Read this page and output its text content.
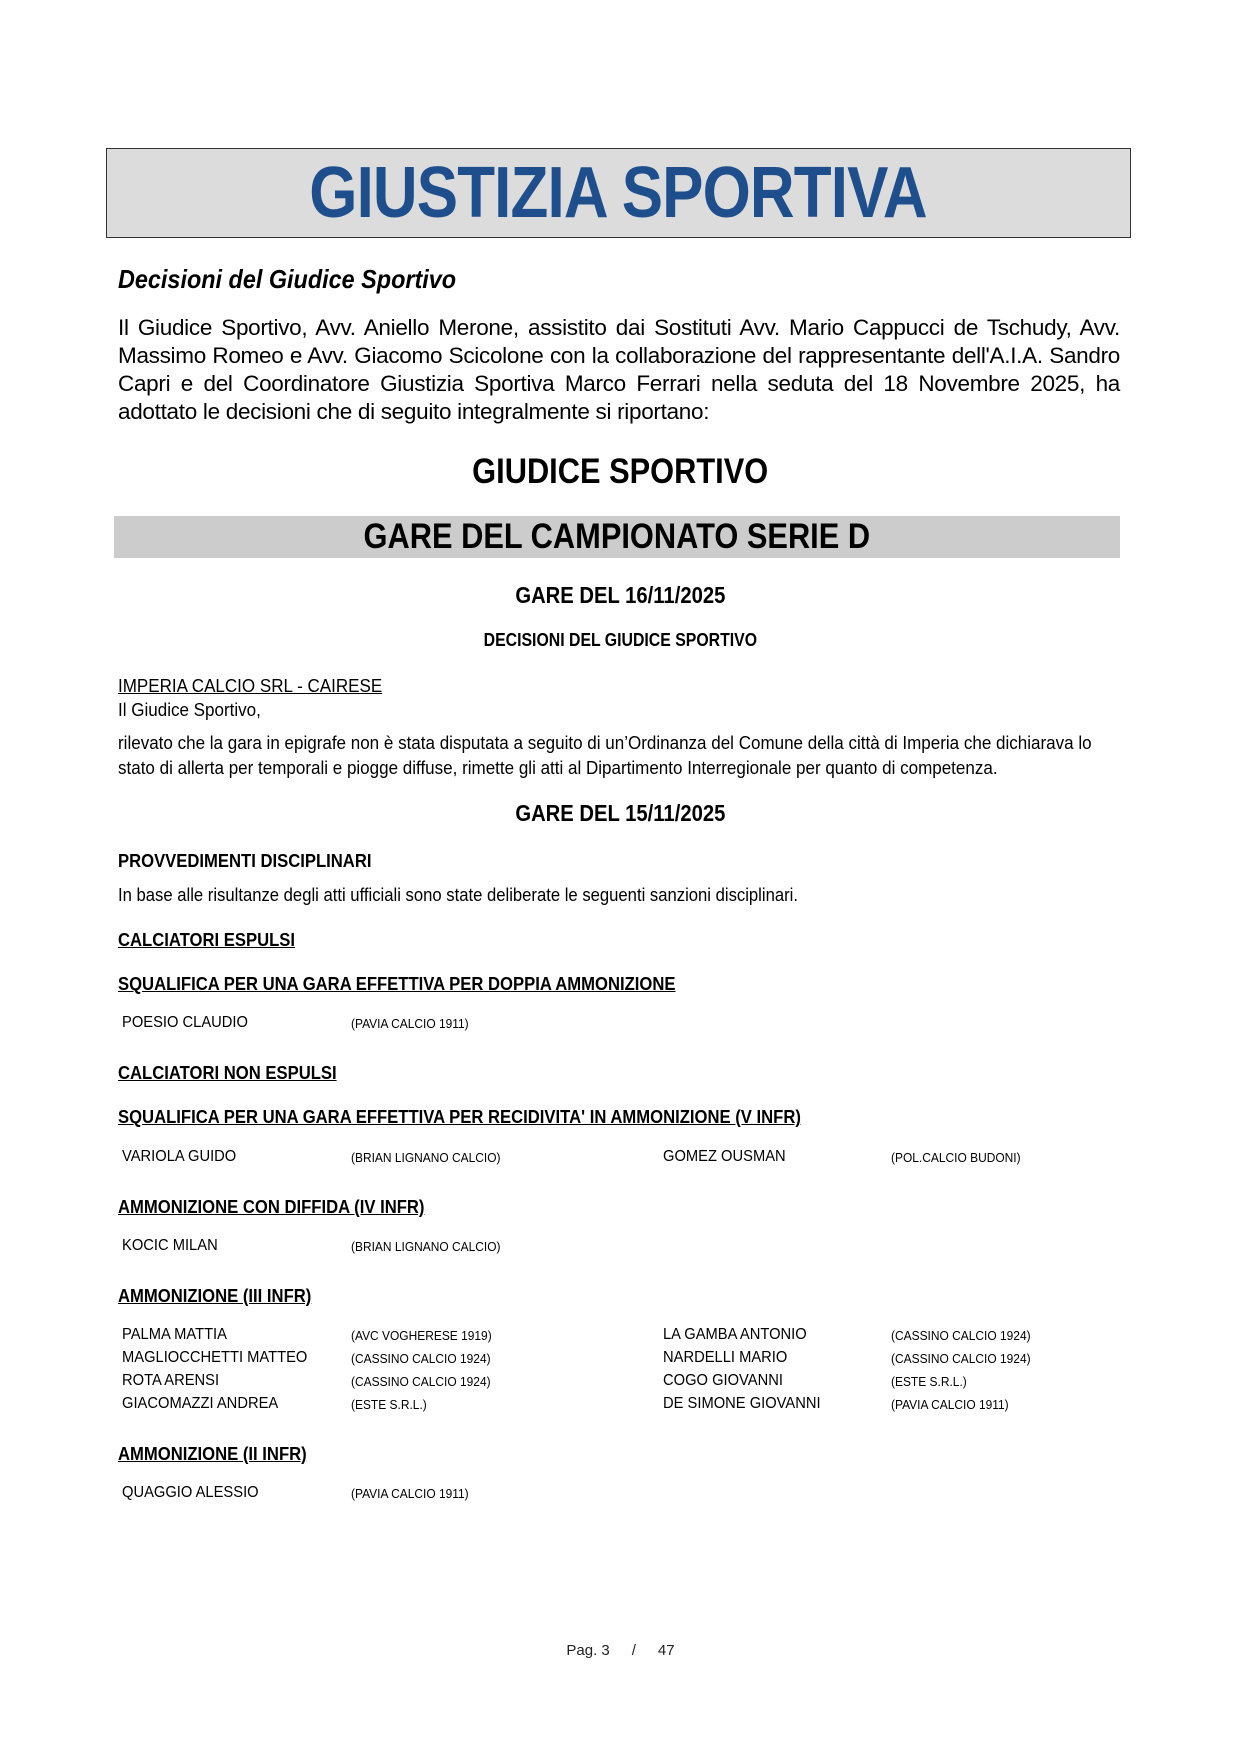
GIUSTIZIA SPORTIVA
Decisioni del Giudice Sportivo
Il Giudice Sportivo, Avv. Aniello Merone, assistito dai Sostituti Avv. Mario Cappucci de Tschudy, Avv. Massimo Romeo e Avv. Giacomo Scicolone con la collaborazione del rappresentante dell'A.I.A. Sandro Capri e del Coordinatore Giustizia Sportiva Marco Ferrari nella seduta del 18 Novembre 2025, ha adottato le decisioni che di seguito integralmente si riportano:
GIUDICE SPORTIVO
GARE DEL CAMPIONATO SERIE D
GARE DEL 16/11/2025
DECISIONI DEL GIUDICE SPORTIVO
IMPERIA CALCIO SRL - CAIRESE
Il Giudice Sportivo,
rilevato che la gara in epigrafe non è stata disputata a seguito di un’Ordinanza del Comune della città di Imperia che dichiarava lo stato di allerta per temporali e piogge diffuse, rimette gli atti al Dipartimento Interregionale per quanto di competenza.
GARE DEL 15/11/2025
PROVVEDIMENTI DISCIPLINARI
In base alle risultanze degli atti ufficiali sono state deliberate le seguenti sanzioni disciplinari.
CALCIATORI ESPULSI
SQUALIFICA PER UNA GARA EFFETTIVA PER DOPPIA AMMONIZIONE
POESIO CLAUDIO	(PAVIA CALCIO 1911)
CALCIATORI NON ESPULSI
SQUALIFICA PER UNA GARA EFFETTIVA PER RECIDIVITA' IN AMMONIZIONE (V INFR)
VARIOLA GUIDO	(BRIAN LIGNANO CALCIO)	GOMEZ OUSMAN	(POL.CALCIO BUDONI)
AMMONIZIONE CON DIFFIDA (IV INFR)
KOCIC MILAN	(BRIAN LIGNANO CALCIO)
AMMONIZIONE (III INFR)
PALMA MATTIA	(AVC VOGHERESE 1919)	LA GAMBA ANTONIO	(CASSINO CALCIO 1924)
MAGLIOCCHETTI MATTEO	(CASSINO CALCIO 1924)	NARDELLI MARIO	(CASSINO CALCIO 1924)
ROTA ARENSI	(CASSINO CALCIO 1924)	COGO GIOVANNI	(ESTE S.R.L.)
GIACOMAZZI ANDREA	(ESTE S.R.L.)	DE SIMONE GIOVANNI	(PAVIA CALCIO 1911)
AMMONIZIONE (II INFR)
QUAGGIO ALESSIO	(PAVIA CALCIO 1911)
Pag. 3 / 47
